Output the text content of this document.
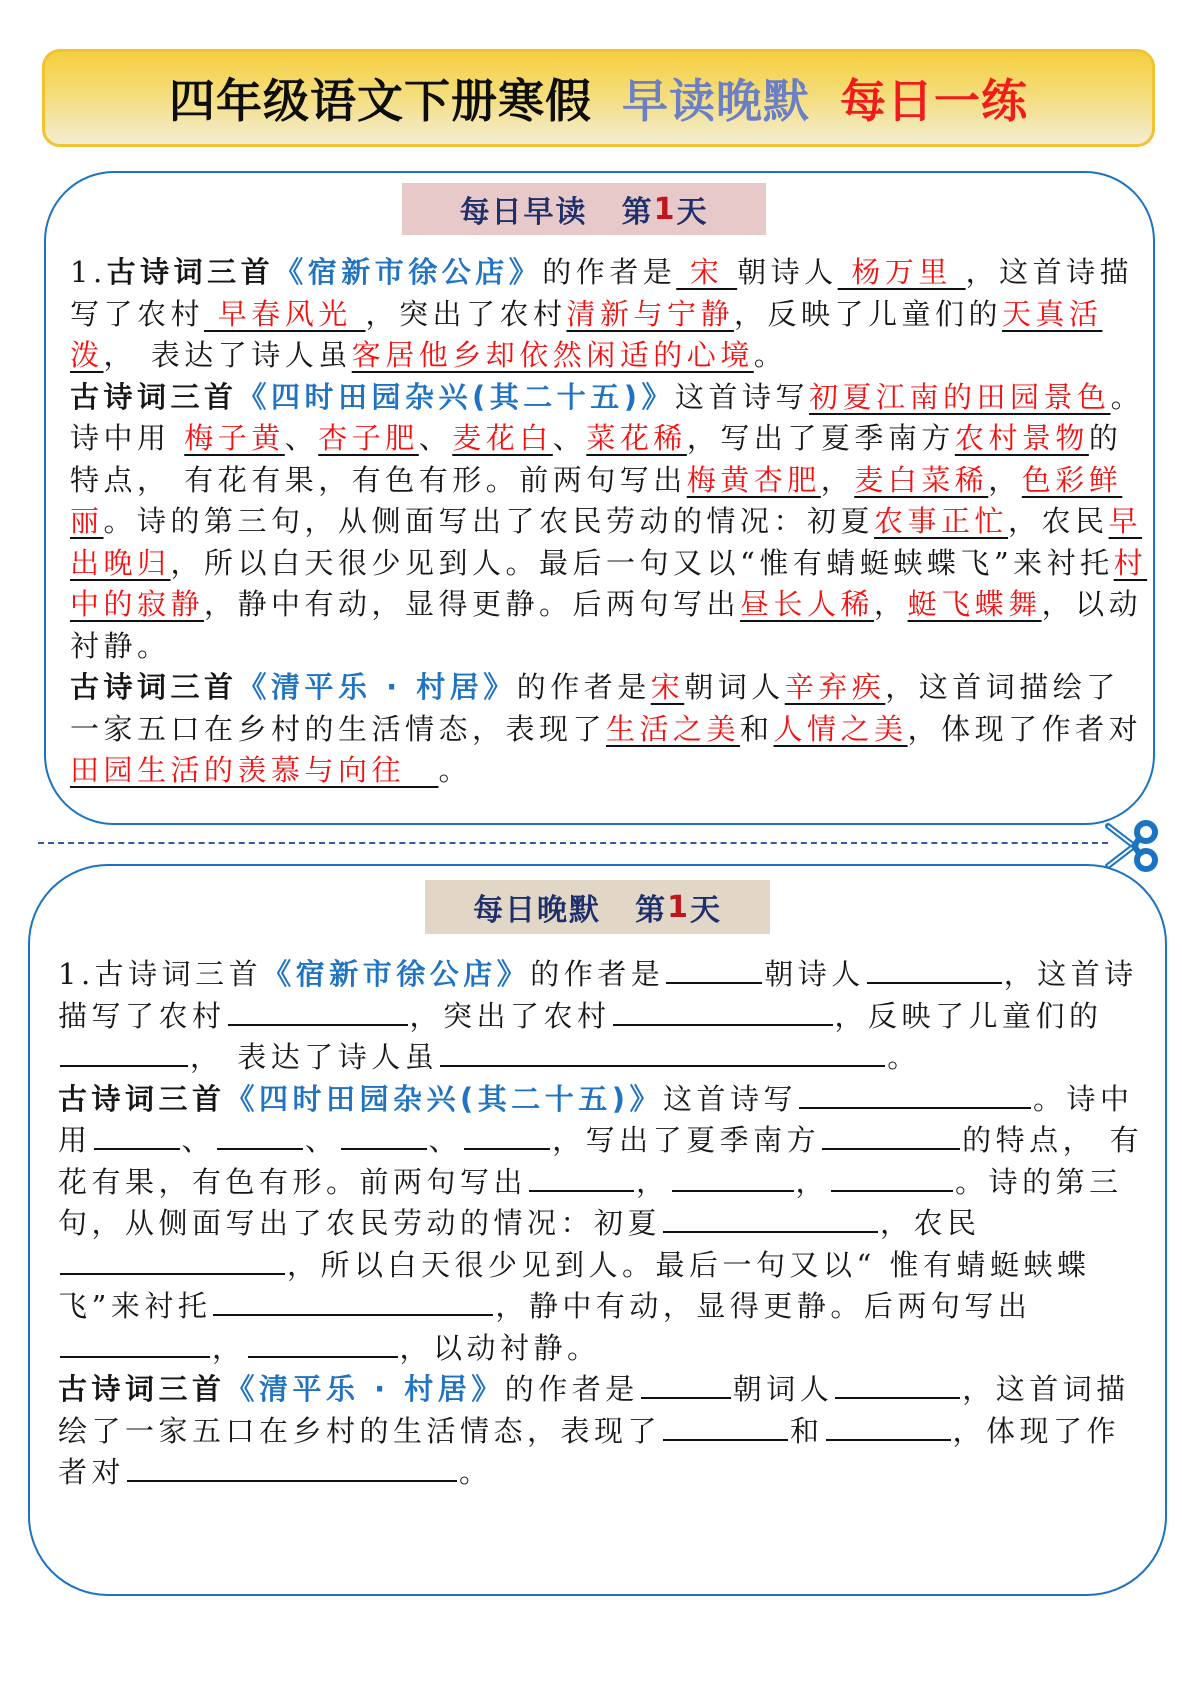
四年级语文下册寒假 早读晚默 每日一练
每日早读 第 1 天
1.古诗词三首《宿新市徐公店》的作者是 宋 朝诗人 杨万里 ，这首诗描写了农村 早春风光 ，突出了农村清新与宁静，反映了儿童们的天真活泼， 表达了诗人虽客居他乡却依然闲适的心境。
古诗词三首《四时田园杂兴(其二十五)》这首诗写初夏江南的田园景色。诗中用 梅子黄、杏子肥、麦花白、菜花稀，写出了夏季南方农村景物的特点， 有花有果，有色有形。前两句写出梅黄杏肥，麦白菜稀，色彩鲜丽。诗的第三句，从侧面写出了农民劳动的情况：初夏农事正忙，农民早出晚归，所以白天很少见到人。最后一句又以“惟有蜻蜓蛱蝶飞”来衬托村中的寂静，静中有动，显得更静。后两句写出昼长人稀，蜓飞蝶舞，以动衬静。
古诗词三首《清平乐 · 村居》的作者是宋朝词人辛弃疾，这首词描绘了一家五口在乡村的生活情态，表现了生活之美和人情之美，体现了作者对田园生活的羡慕与向往　。
每日晚默 第 1 天
1.古诗词三首《宿新市徐公店》的作者是	朝诗人	，这首诗描写了农村	，突出了农村	，反映了儿童们的， 表达了诗人虽	。
古诗词三首《四时田园杂兴(其二十五)》这首诗写	。诗中用	、	、	、	，写出了夏季南方	的特点， 有花有果，有色有形。前两句写出	，	，	。诗的第三句，从侧面写出了农民劳动的情况：初夏	，农民，所以白天很少见到人。最后一句又以“ 惟有蜻蜓蛱蝶飞”来衬托	，静中有动，显得更静。后两句写出，	，以动衬静。
古诗词三首《清平乐 · 村居》的作者是	朝词人	，这首词描绘了一家五口在乡村的生活情态，表现了	和	，体现了作者对	。
